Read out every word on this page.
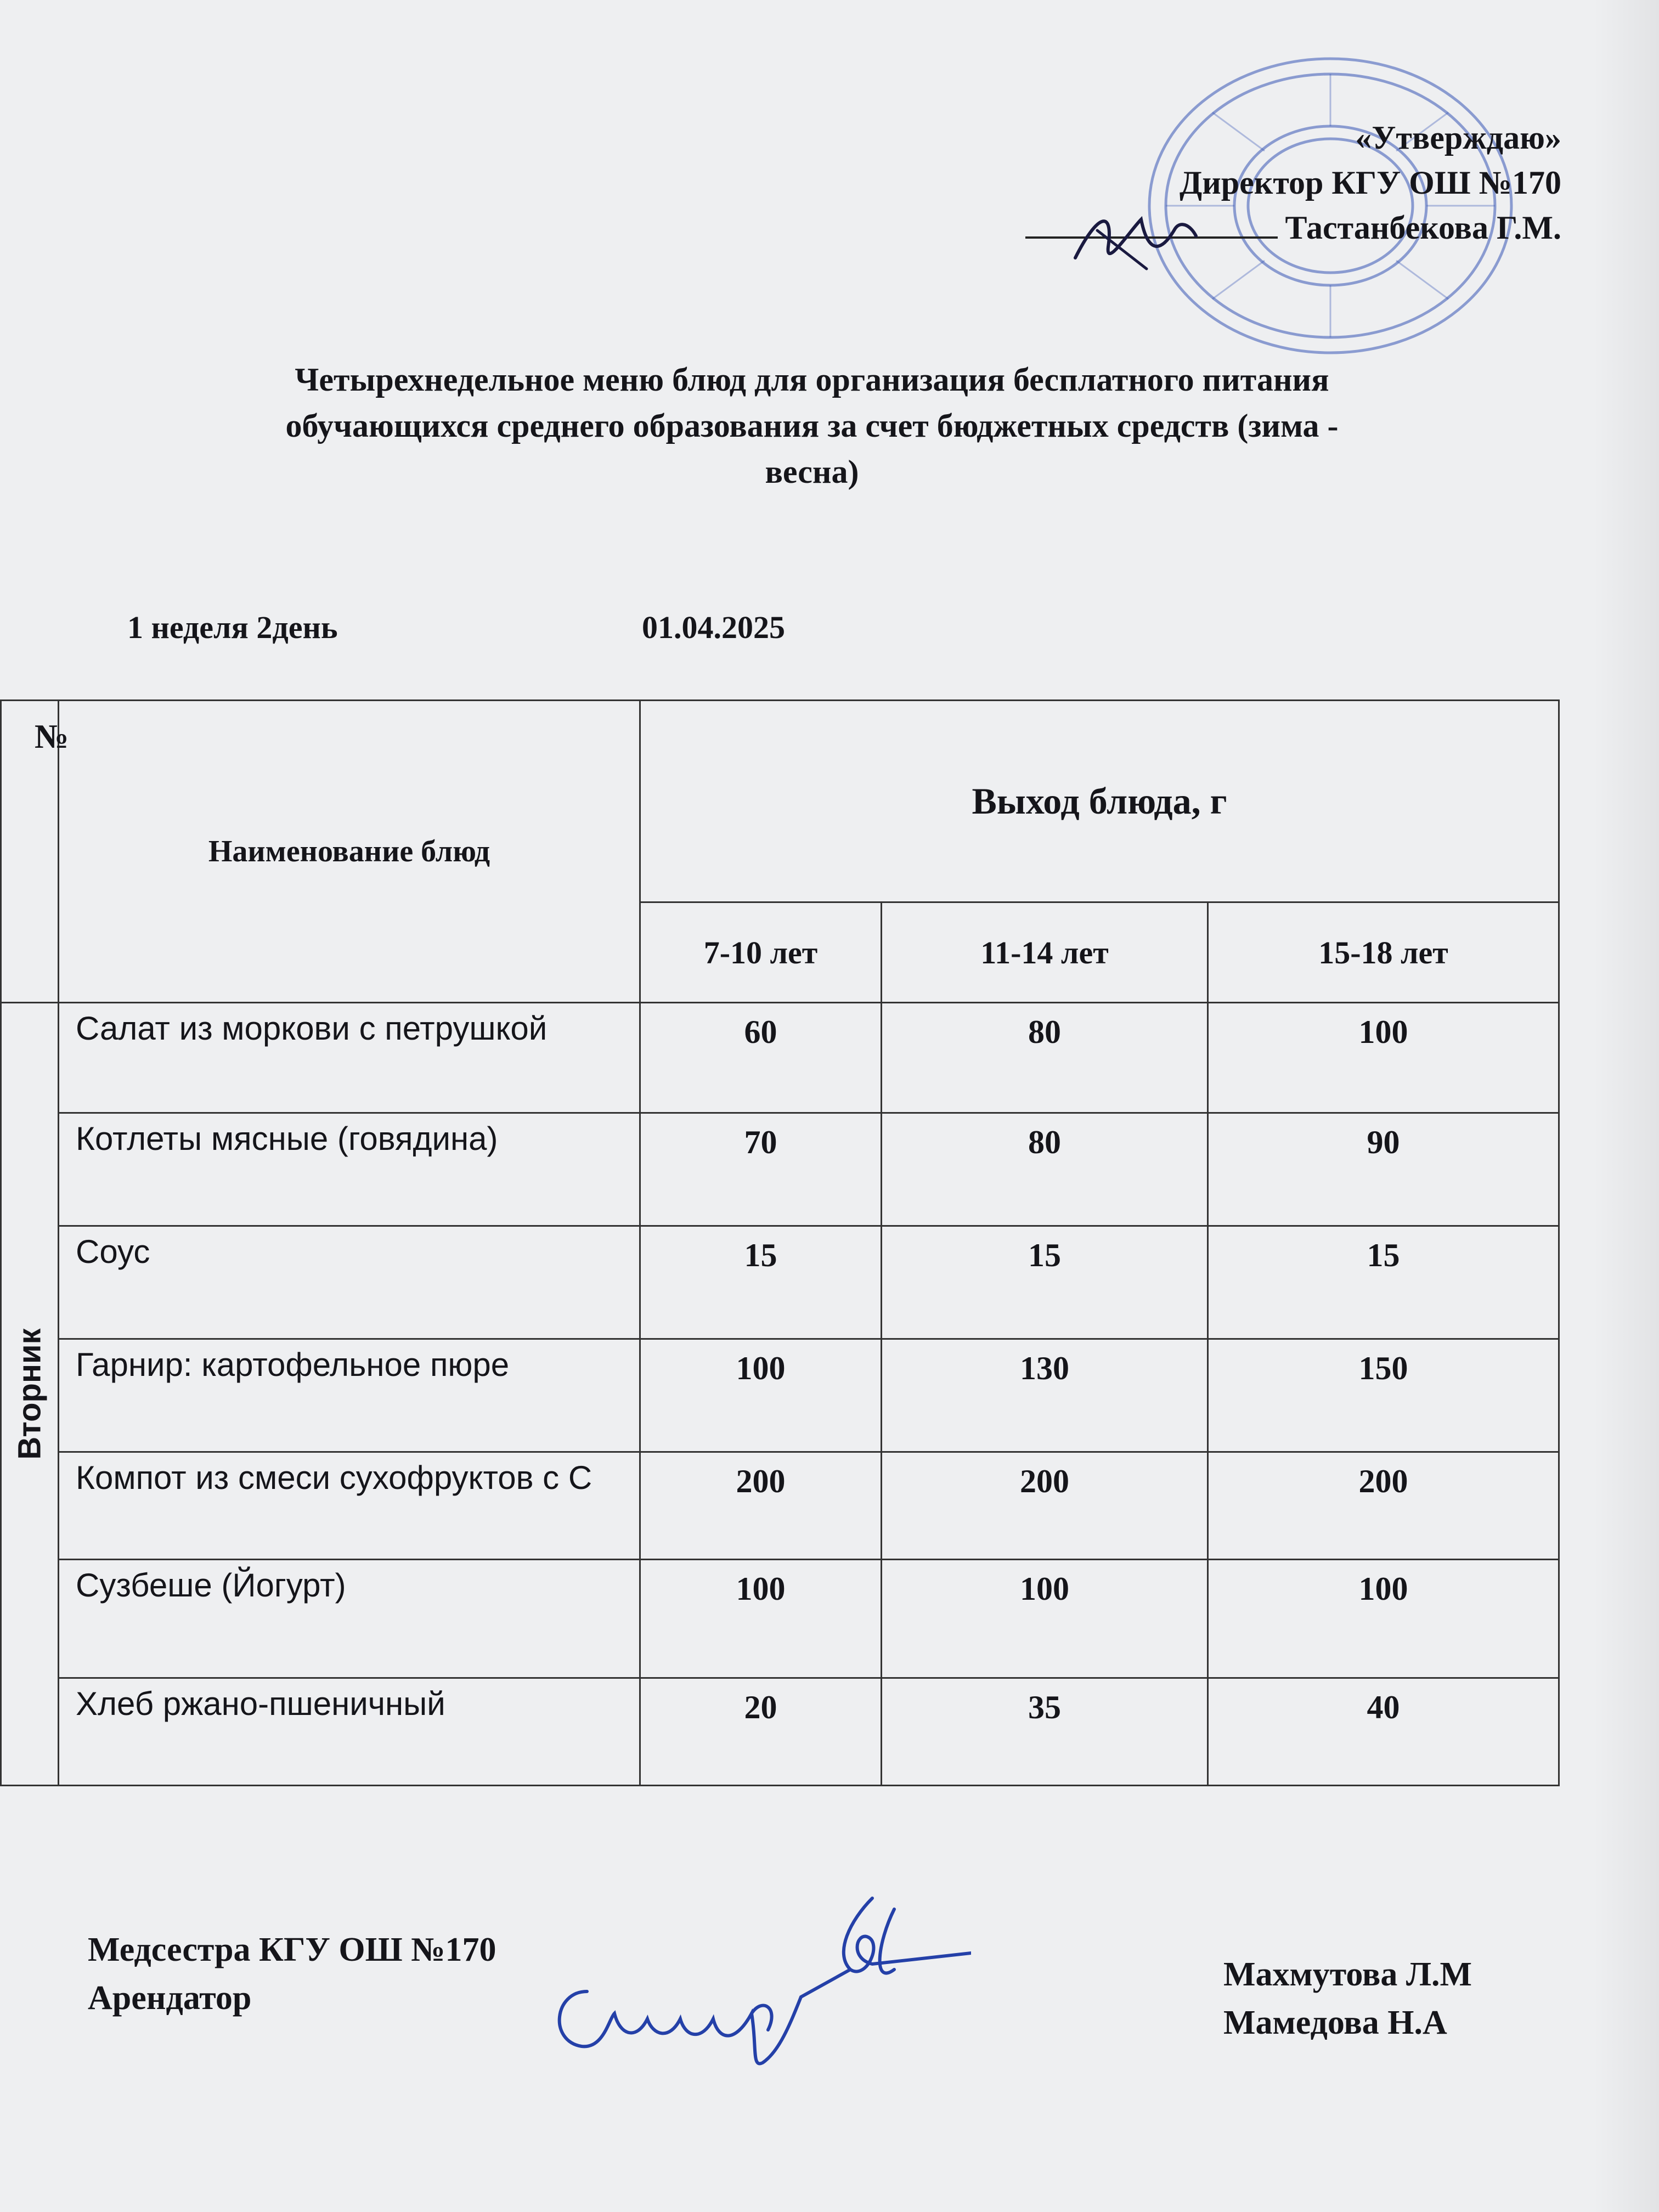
«Утверждаю»
Директор КГУ ОШ №170
Тастанбекова Г.М.
Четырехнедельное меню блюд для организация бесплатного питания
обучающихся среднего образования за счет бюджетных средств (зима -
весна)
1 неделя 2день	01.04.2025
№	Наименование блюд	Выход блюда, г		
		7-10 лет	11-14 лет	15-18 лет

Вторник	Салат из моркови с петрушкой	60	80	100
	Котлеты мясные (говядина)	70	80	90
	Соус	15	15	15
	Гарнир: картофельное пюре	100	130	150
	Компот из смеси сухофруктов с С	200	200	200
	Сузбеше (Йогурт)	100	100	100
	Хлеб ржано-пшеничный	20	35	40
Медсестра КГУ ОШ №170
Арендатор
Махмутова Л.М
Мамедова Н.А
